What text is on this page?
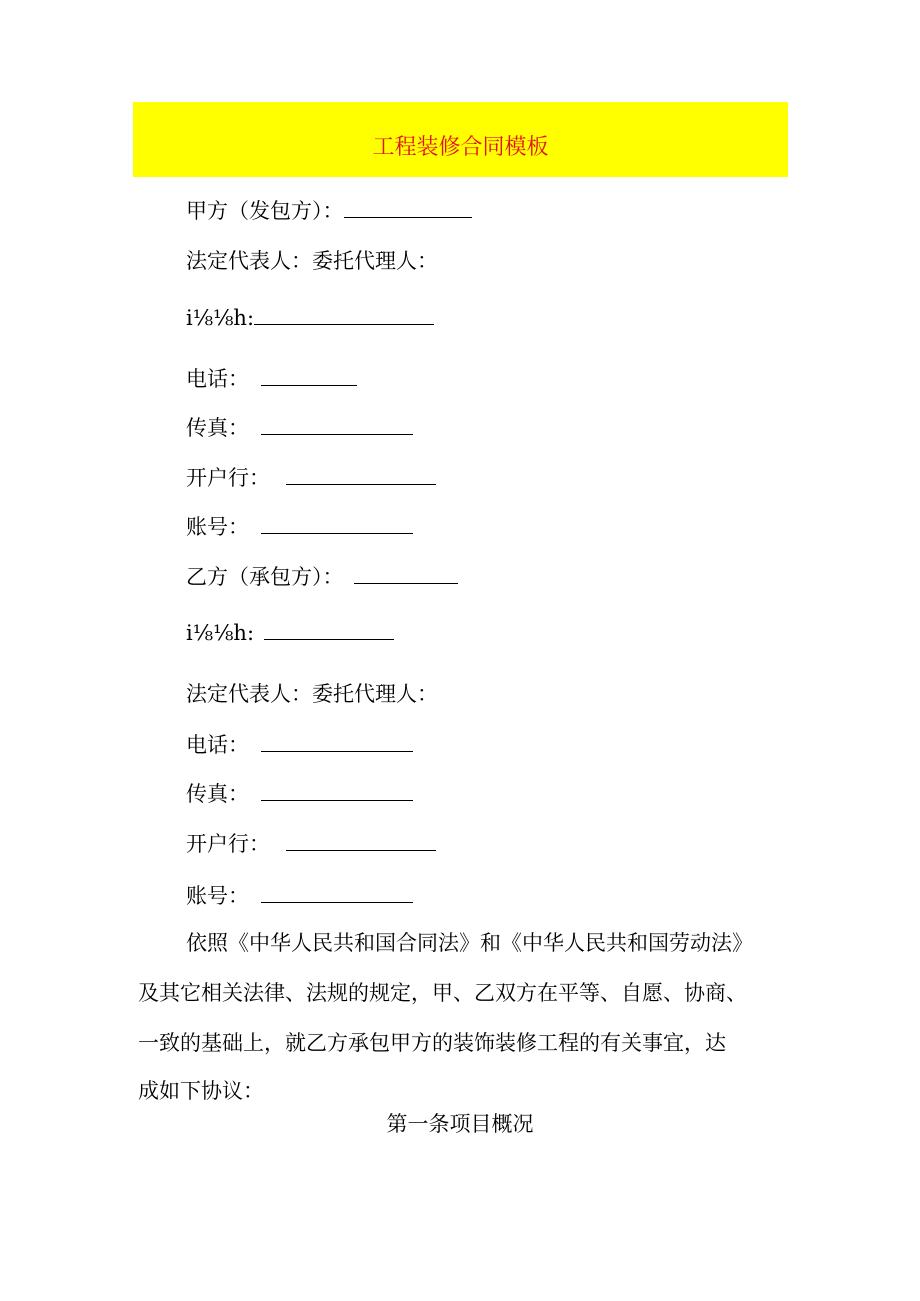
工程装修合同模板
甲方（发包方）：
法定代表人：委托代理人：
i⅛⅛h:
电话：
传真：
开户行：
账号：
乙方（承包方）：
i⅛⅛h:
法定代表人：委托代理人：
电话：
传真：
开户行：
账号：
依照《中华人民共和国合同法》和《中华人民共和国劳动法》
及其它相关法律、法规的规定，甲、乙双方在平等、自愿、协商、
一致的基础上，就乙方承包甲方的装饰装修工程的有关事宜，达
成如下协议：
第一条项目概况
